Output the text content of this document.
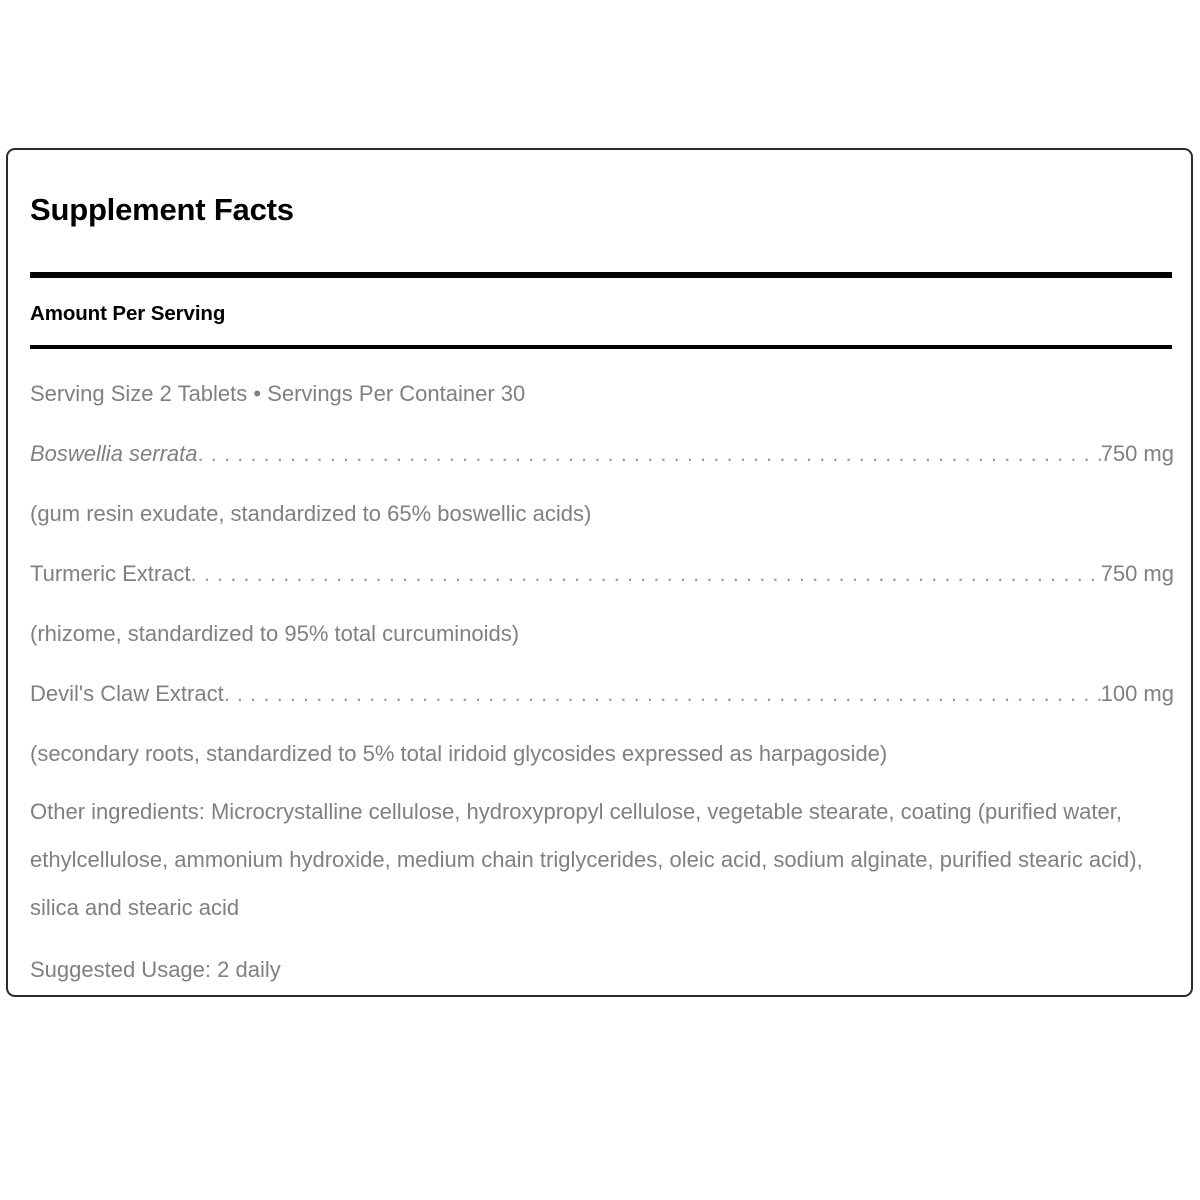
Supplement Facts
Amount Per Serving
Serving Size 2 Tablets • Servings Per Container 30
Boswellia serrata . . .	750 mg
(gum resin exudate, standardized to 65% boswellic acids)
Turmeric Extract . . .	750 mg
(rhizome, standardized to 95% total curcuminoids)
Devil's Claw Extract . . .	100 mg
(secondary roots, standardized to 5% total iridoid glycosides expressed as harpagoside)
Other ingredients: Microcrystalline cellulose, hydroxypropyl cellulose, vegetable stearate, coating (purified water, ethylcellulose, ammonium hydroxide, medium chain triglycerides, oleic acid, sodium alginate, purified stearic acid), silica and stearic acid
Suggested Usage: 2 daily
